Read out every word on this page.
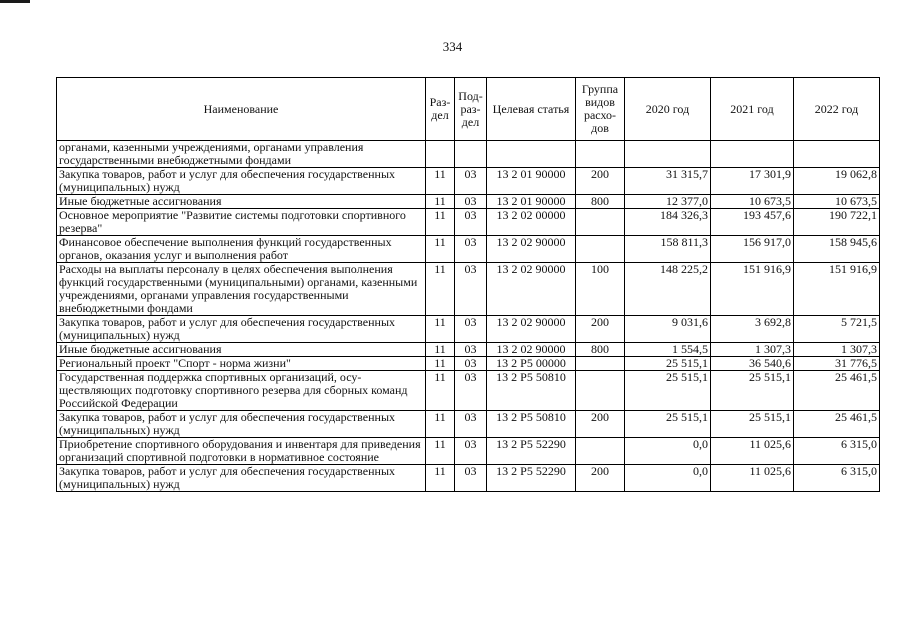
334
Наименование	Раз- дел	Под- раз- дел	Целевая статья	Группа видов расхо- дов	2020 год	2021 год	2022 год
органами, казенными учреждениями, органами управления государственными внебюджетными фондами							
Закупка товаров, работ и услуг для обеспечения государственных (муниципальных) нужд	11	03	13 2 01 90000	200	31 315,7	17 301,9	19 062,8
Иные бюджетные ассигнования	11	03	13 2 01 90000	800	12 377,0	10 673,5	10 673,5
Основное мероприятие "Развитие системы подготовки спортивного резерва"	11	03	13 2 02 00000		184 326,3	193 457,6	190 722,1
Финансовое обеспечение выполнения функций государственных органов, оказания услуг и выполнения работ	11	03	13 2 02 90000		158 811,3	156 917,0	158 945,6
Расходы на выплаты персоналу в целях обеспечения выполнения функций государственными (муниципальными) органами, казенными учреждениями, органами управления государственными внебюджетными фондами	11	03	13 2 02 90000	100	148 225,2	151 916,9	151 916,9
Закупка товаров, работ и услуг для обеспечения государственных (муниципальных) нужд	11	03	13 2 02 90000	200	9 031,6	3 692,8	5 721,5
Иные бюджетные ассигнования	11	03	13 2 02 90000	800	1 554,5	1 307,3	1 307,3
Региональный проект "Спорт - норма жизни"	11	03	13 2 P5 00000		25 515,1	36 540,6	31 776,5
Государственная поддержка спортивных организаций, осуществляющих подготовку спортивного резерва для сборных команд Российской Федерации	11	03	13 2 P5 50810		25 515,1	25 515,1	25 461,5
Закупка товаров, работ и услуг для обеспечения государственных (муниципальных) нужд	11	03	13 2 P5 50810	200	25 515,1	25 515,1	25 461,5
Приобретение спортивного оборудования и инвентаря для приведения организаций спортивной подготовки в нормативное состояние	11	03	13 2 P5 52290		0,0	11 025,6	6 315,0
Закупка товаров, работ и услуг для обеспечения государственных (муниципальных) нужд	11	03	13 2 P5 52290	200	0,0	11 025,6	6 315,0
